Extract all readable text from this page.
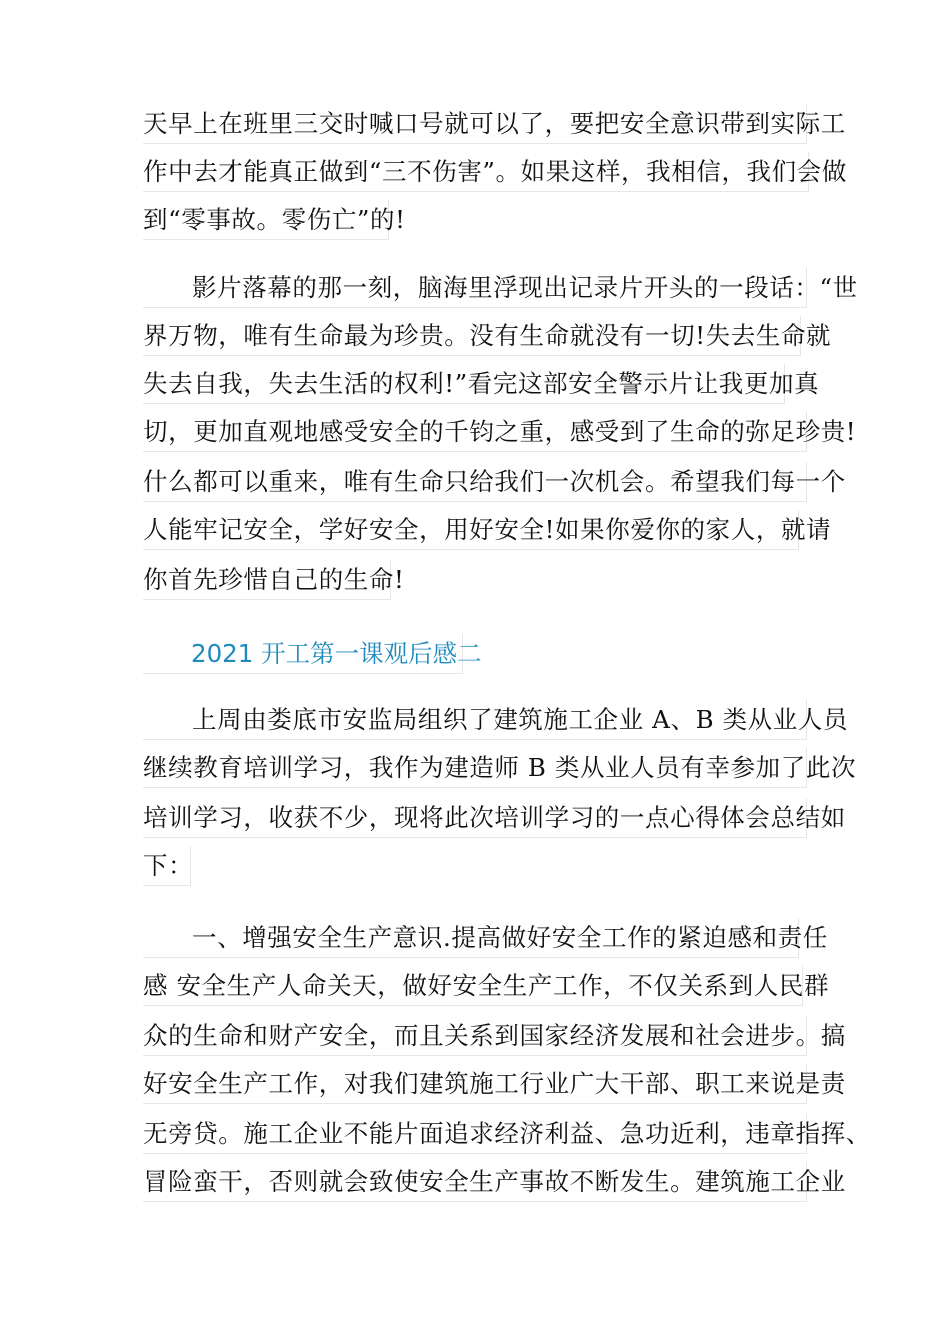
天早上在班里三交时喊口号就可以了，要把安全意识带到实际工
作中去才能真正做到“三不伤害”。如果这样，我相信，我们会做
到“零事故。零伤亡”的!
影片落幕的那一刻，脑海里浮现出记录片开头的一段话：“世
界万物，唯有生命最为珍贵。没有生命就没有一切!失去生命就
失去自我，失去生活的权利!”看完这部安全警示片让我更加真
切，更加直观地感受安全的千钧之重，感受到了生命的弥足珍贵!
什么都可以重来，唯有生命只给我们一次机会。希望我们每一个
人能牢记安全，学好安全，用好安全!如果你爱你的家人，就请
你首先珍惜自己的生命!
2021 开工第一课观后感二
上周由娄底市安监局组织了建筑施工企业 A、B 类从业人员
继续教育培训学习，我作为建造师 B 类从业人员有幸参加了此次
培训学习，收获不少，现将此次培训学习的一点心得体会总结如
下：
一、增强安全生产意识.提高做好安全工作的紧迫感和责任
感 安全生产人命关天，做好安全生产工作，不仅关系到人民群
众的生命和财产安全，而且关系到国家经济发展和社会进步。搞
好安全生产工作，对我们建筑施工行业广大干部、职工来说是责
无旁贷。施工企业不能片面追求经济利益、急功近利，违章指挥、
冒险蛮干，否则就会致使安全生产事故不断发生。建筑施工企业
